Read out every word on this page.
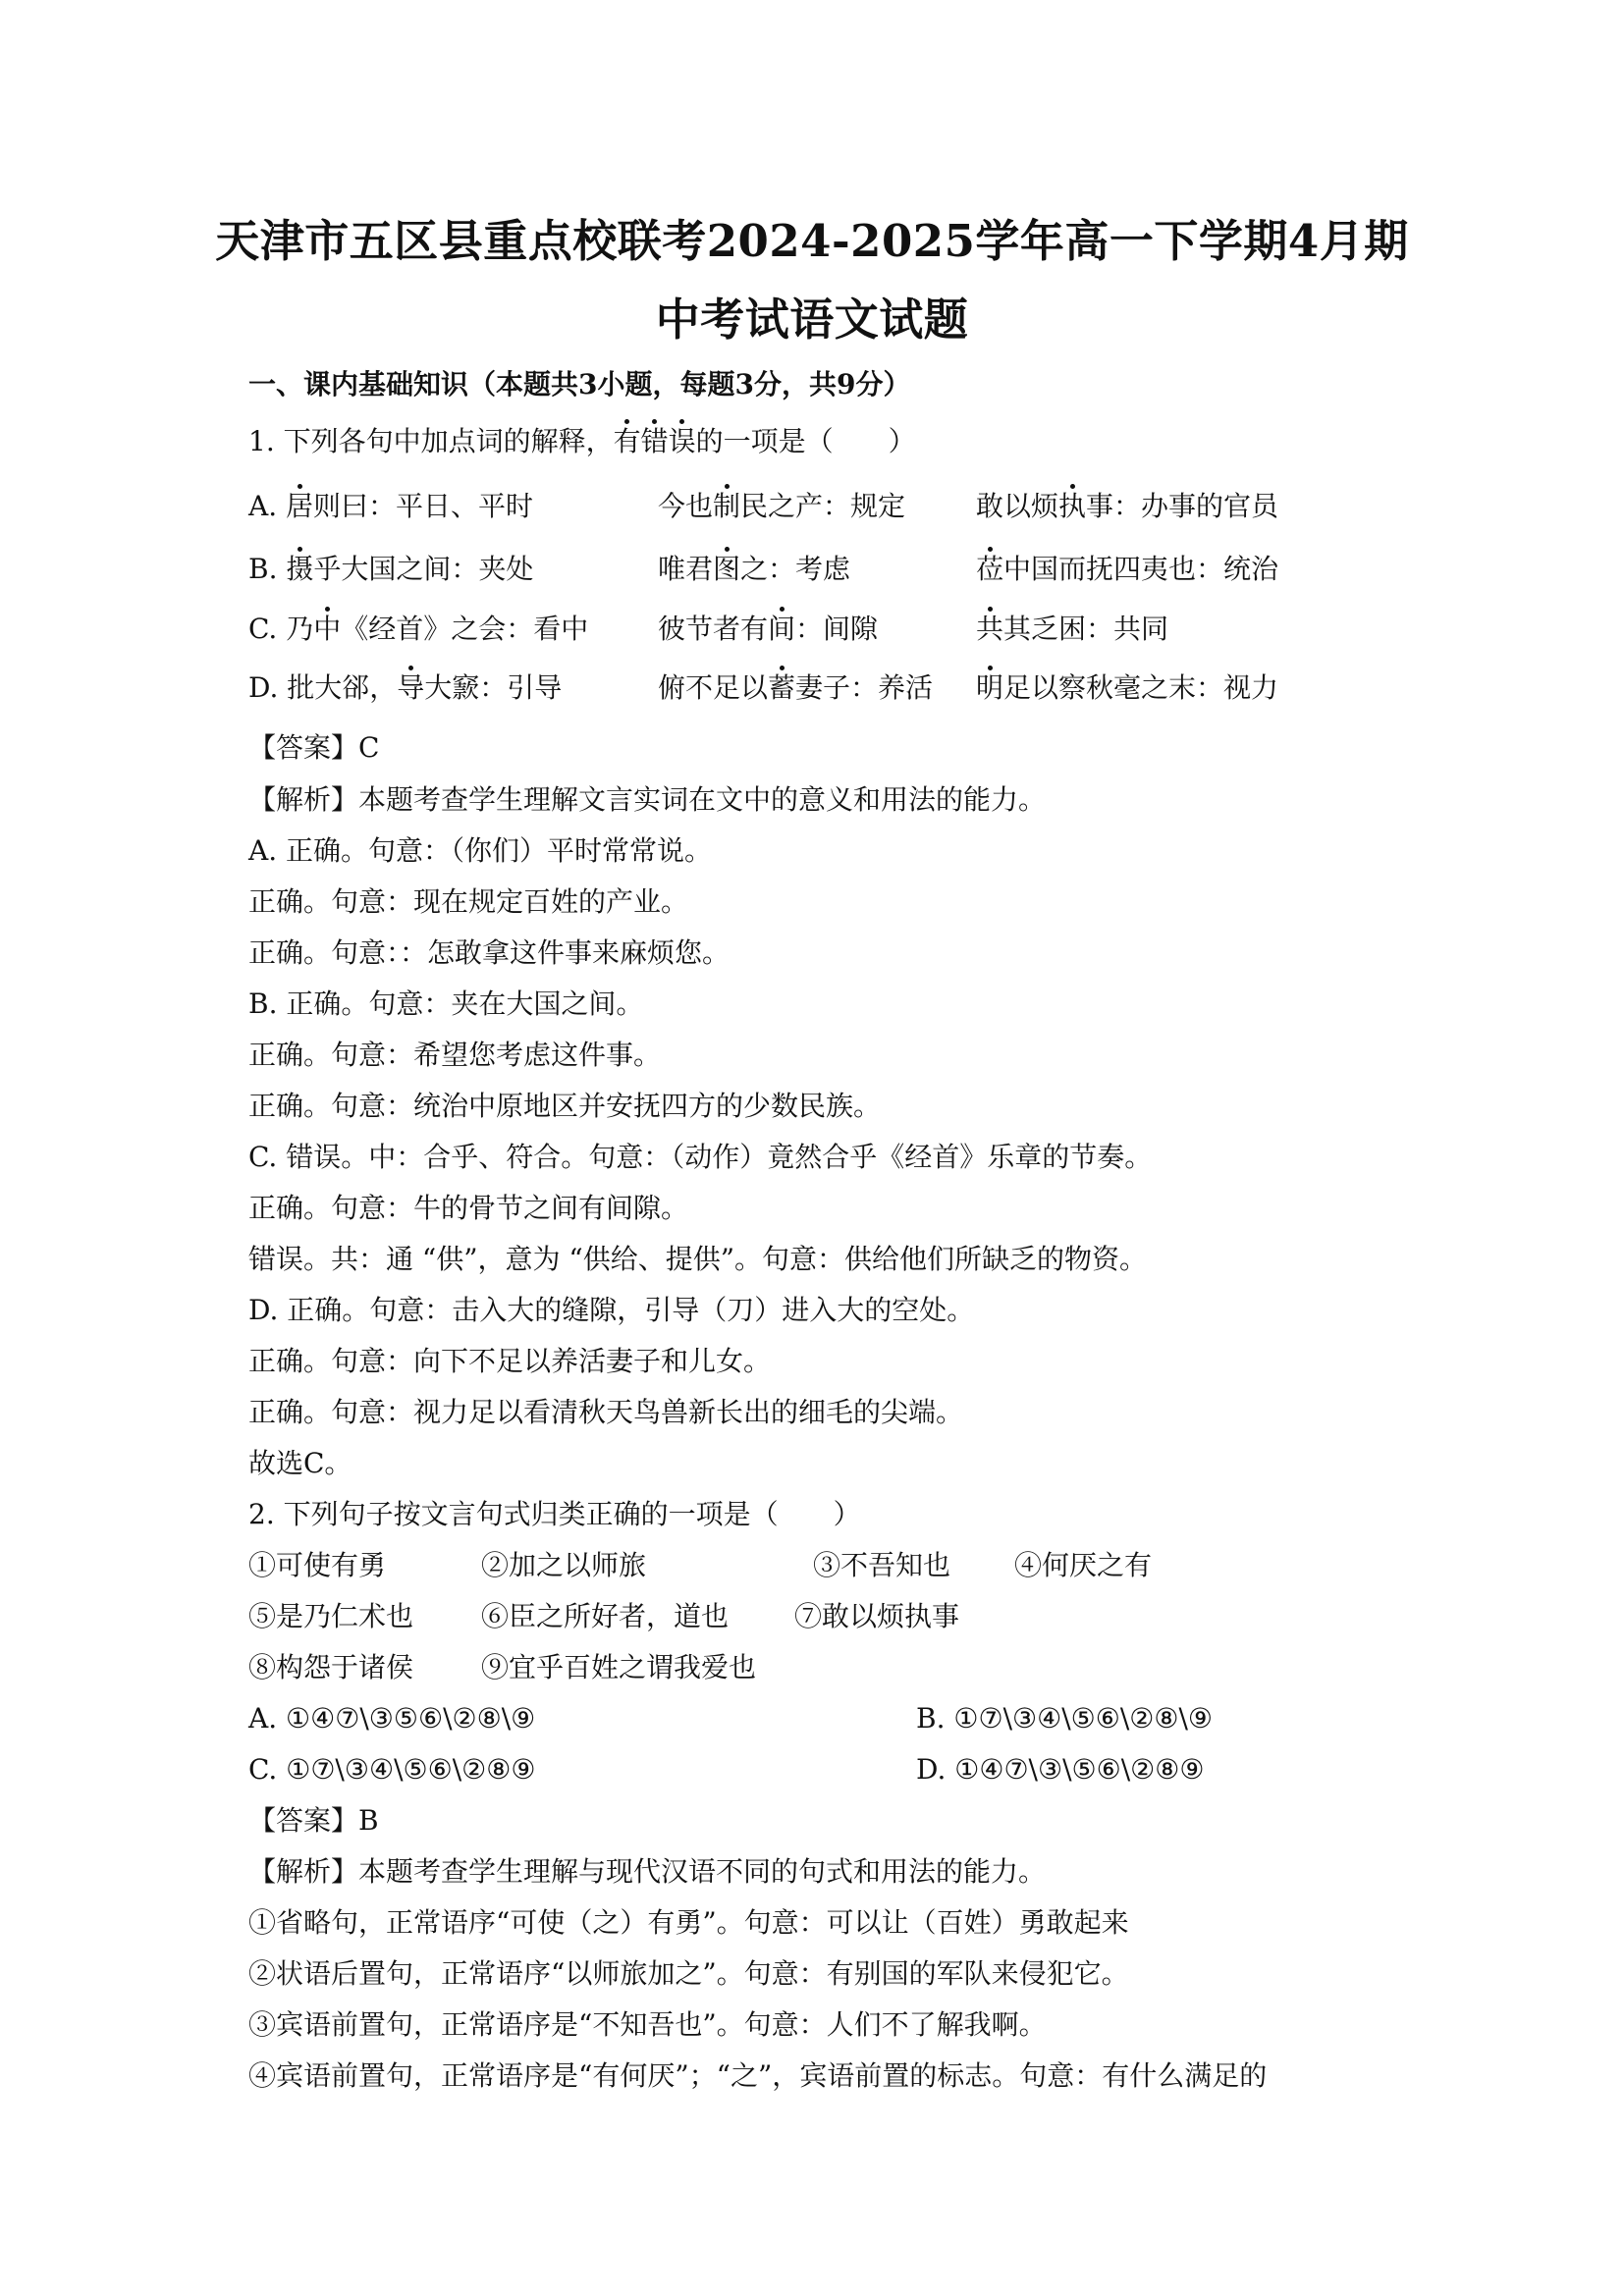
天津市五区县重点校联考2024-2025学年高一下学期4月期
中考试语文试题
一、课内基础知识（本题共3小题，每题3分，共9分）
1. 下列各句中加点词的解释，有错误的一项是（　　）
A. 居则曰：平日、平时	今也制民之产：规定	敢以烦执事：办事的官员
B. 摄乎大国之间：夹处	唯君图之：考虑	莅中国而抚四夷也：统治
C. 乃中《经首》之会：看中	彼节者有间：间隙	共其乏困：共同
D. 批大郤，导大窾：引导	俯不足以蓄妻子：养活 明足以察秋毫之末：视力
【答案】C
【解析】本题考查学生理解文言实词在文中的意义和用法的能力。
A. 正确。句意：（你们）平时常常说。
正确。句意：现在规定百姓的产业。
正确。句意：：怎敢拿这件事来麻烦您。
B. 正确。句意：夹在大国之间。
正确。句意：希望您考虑这件事。
正确。句意：统治中原地区并安抚四方的少数民族。
C. 错误。中：合乎、符合。句意：（动作）竟然合乎《经首》乐章的节奏。
正确。句意：牛的骨节之间有间隙。
错误。共：通 “供”，意为 “供给、提供”。句意：供给他们所缺乏的物资。
D. 正确。句意：击入大的缝隙，引导（刀）进入大的空处。
正确。句意：向下不足以养活妻子和儿女。
正确。句意：视力足以看清秋天鸟兽新长出的细毛的尖端。
故选C。
2. 下列句子按文言句式归类正确的一项是（　　）
①可使有勇	②加之以师旅	③不吾知也 ④何厌之有
⑤是乃仁术也 ⑥臣之所好者，道也 ⑦敢以烦执事
⑧构怨于诸侯 ⑨宜乎百姓之谓我爱也
A. ①④⑦\③⑤⑥\②⑧\⑨	B. ①⑦\③④\⑤⑥\②⑧\⑨
C. ①⑦\③④\⑤⑥\②⑧⑨	D. ①④⑦\③\⑤⑥\②⑧⑨
【答案】B
【解析】本题考查学生理解与现代汉语不同的句式和用法的能力。
①省略句，正常语序“可使（之）有勇”。句意：可以让（百姓）勇敢起来
②状语后置句，正常语序“以师旅加之”。句意：有别国的军队来侵犯它。
③宾语前置句，正常语序是“不知吾也”。句意：人们不了解我啊。
④宾语前置句，正常语序是“有何厌”；“之”，宾语前置的标志。句意：有什么满足的
